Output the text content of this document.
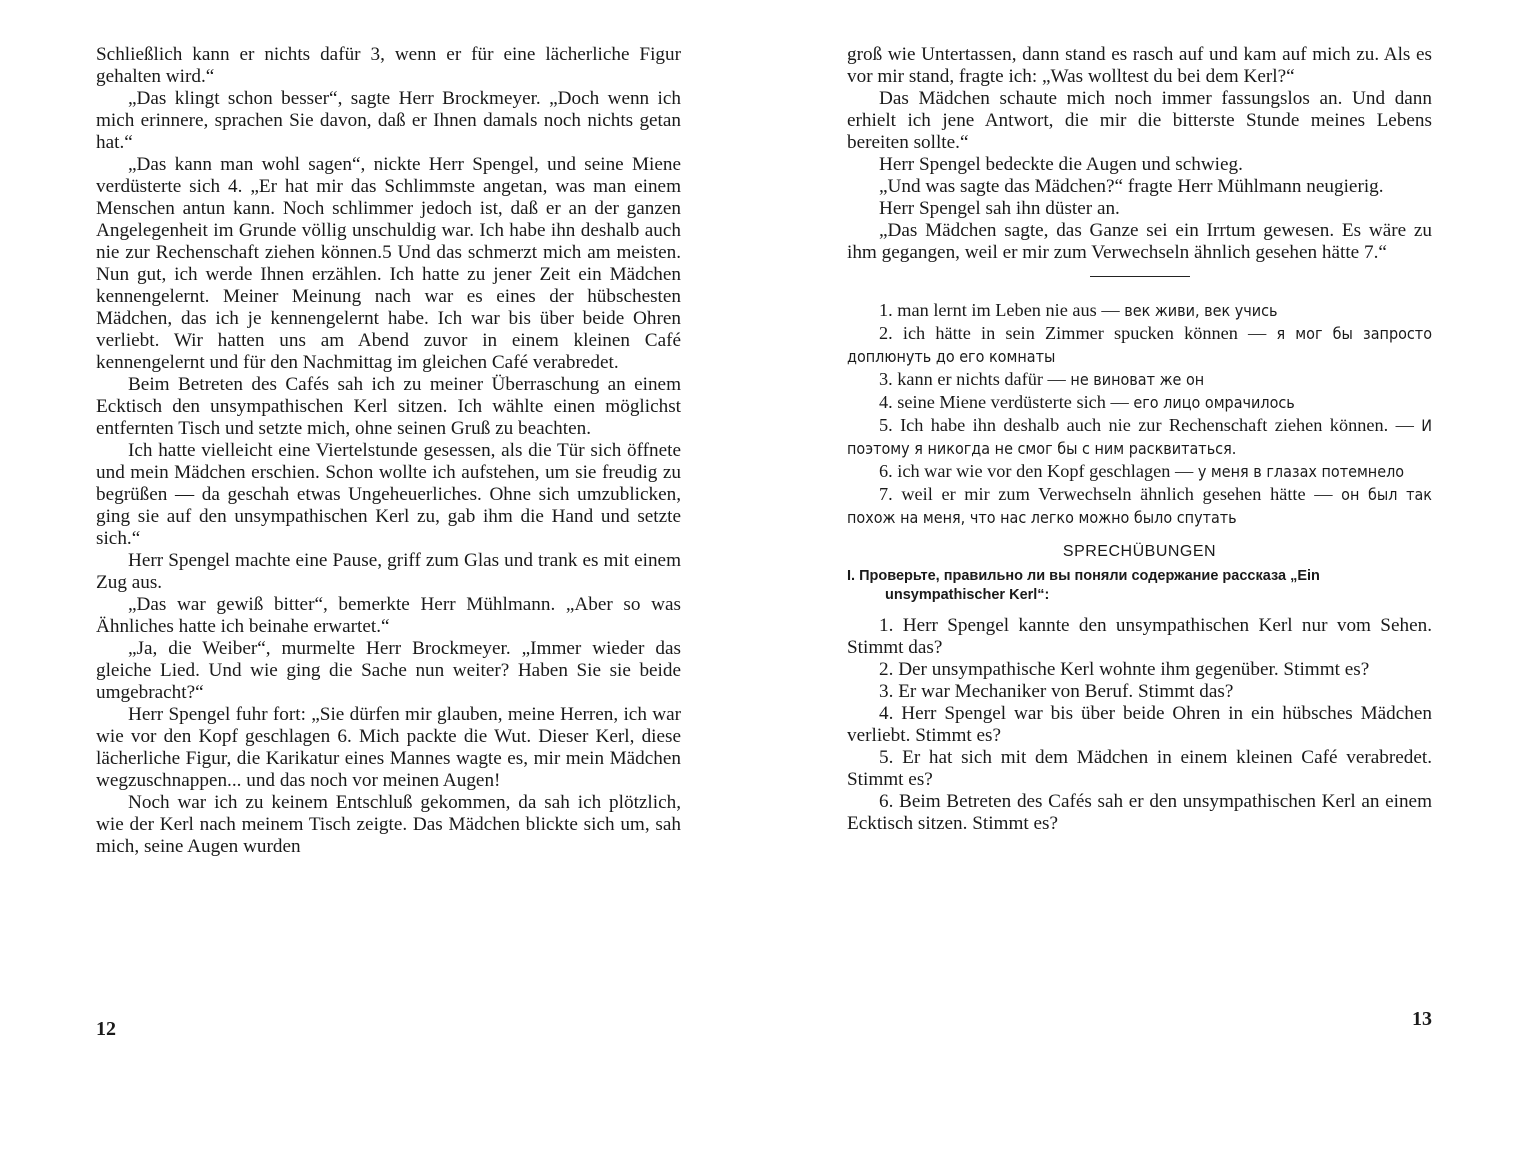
Schließlich kann er nichts dafür 3, wenn er für eine lächerliche Figur gehalten wird.“

„Das klingt schon besser“, sagte Herr Brockmeyer. „Doch wenn ich mich erinnere, sprachen Sie davon, daß er Ihnen damals noch nichts getan hat.“

„Das kann man wohl sagen“, nickte Herr Spengel, und seine Miene verdüsterte sich 4. „Er hat mir das Schlimmste angetan, was man einem Menschen antun kann. Noch schlimmer jedoch ist, daß er an der ganzen Angelegenheit im Grunde völlig unschuldig war. Ich habe ihn deshalb auch nie zur Rechenschaft ziehen können.5 Und das schmerzt mich am meisten. Nun gut, ich werde Ihnen erzählen. Ich hatte zu jener Zeit ein Mädchen kennengelernt. Meiner Meinung nach war es eines der hübschesten Mädchen, das ich je kennengelernt habe. Ich war bis über beide Ohren verliebt. Wir hatten uns am Abend zuvor in einem kleinen Café kennengelernt und für den Nachmittag im gleichen Café verabredet.

Beim Betreten des Cafés sah ich zu meiner Überraschung an einem Ecktisch den unsympathischen Kerl sitzen. Ich wählte einen möglichst entfernten Tisch und setzte mich, ohne seinen Gruß zu beachten.

Ich hatte vielleicht eine Viertelstunde gesessen, als die Tür sich öffnete und mein Mädchen erschien. Schon wollte ich aufstehen, um sie freudig zu begrüßen — da geschah etwas Ungeheuerliches. Ohne sich umzublicken, ging sie auf den unsympathischen Kerl zu, gab ihm die Hand und setzte sich.“

Herr Spengel machte eine Pause, griff zum Glas und trank es mit einem Zug aus.

„Das war gewiß bitter“, bemerkte Herr Mühlmann. „Aber so was Ähnliches hatte ich beinahe erwartet.“

„Ja, die Weiber“, murmelte Herr Brockmeyer. „Immer wieder das gleiche Lied. Und wie ging die Sache nun weiter? Haben Sie sie beide umgebracht?“

Herr Spengel fuhr fort: „Sie dürfen mir glauben, meine Herren, ich war wie vor den Kopf geschlagen 6. Mich packte die Wut. Dieser Kerl, diese lächerliche Figur, die Karikatur eines Mannes wagte es, mir mein Mädchen wegzuschnappen... und das noch vor meinen Augen!

Noch war ich zu keinem Entschluß gekommen, da sah ich plötzlich, wie der Kerl nach meinem Tisch zeigte. Das Mädchen blickte sich um, sah mich, seine Augen wurden

12

groß wie Untertassen, dann stand es rasch auf und kam auf mich zu. Als es vor mir stand, fragte ich: „Was wolltest du bei dem Kerl?“

Das Mädchen schaute mich noch immer fassungslos an. Und dann erhielt ich jene Antwort, die mir die bitterste Stunde meines Lebens bereiten sollte.“

Herr Spengel bedeckte die Augen und schwieg.

„Und was sagte das Mädchen?“ fragte Herr Mühlmann neugierig.

Herr Spengel sah ihn düster an.

„Das Mädchen sagte, das Ganze sei ein Irrtum gewesen. Es wäre zu ihm gegangen, weil er mir zum Verwechseln ähnlich gesehen hätte 7.“

1. man lernt im Leben nie aus — век живи, век учись

2. ich hätte in sein Zimmer spucken können — я мог бы запросто доплюнуть до его комнаты

3. kann er nichts dafür — не виноват же он

4. seine Miene verdüsterte sich — его лицо омрачилось

5. Ich habe ihn deshalb auch nie zur Rechenschaft ziehen können. — И поэтому я никогда не смог бы с ним расквитаться.

6. ich war wie vor den Kopf geschlagen — у меня в глазах потемнело

7. weil er mir zum Verwechseln ähnlich gesehen hätte — он был так похож на меня, что нас легко можно было спутать

SPRECHÜBUNGEN
I. Проверьте, правильно ли вы поняли содержание рассказа „Ein unsympathischer Kerl“:

1. Herr Spengel kannte den unsympathischen Kerl nur vom Sehen. Stimmt das?

2. Der unsympathische Kerl wohnte ihm gegenüber. Stimmt es?

3. Er war Mechaniker von Beruf. Stimmt das?

4. Herr Spengel war bis über beide Ohren in ein hübsches Mädchen verliebt. Stimmt es?

5. Er hat sich mit dem Mädchen in einem kleinen Café verabredet. Stimmt es?

6. Beim Betreten des Cafés sah er den unsympathischen Kerl an einem Ecktisch sitzen. Stimmt es?

13
